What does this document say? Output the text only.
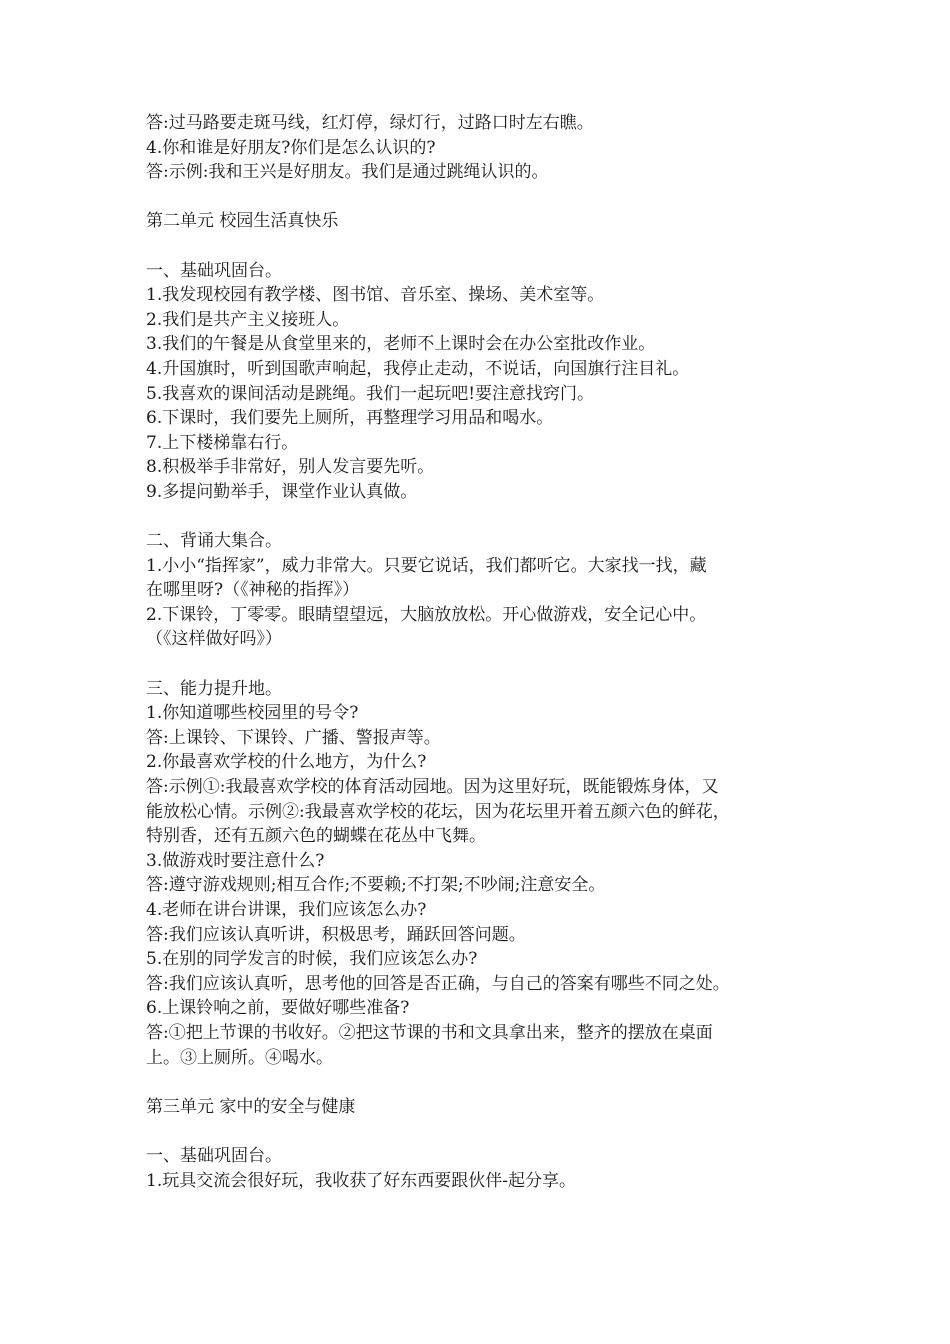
答:过马路要走斑马线，红灯停，绿灯行，过路口时左右瞧。
4.你和谁是好朋友?你们是怎么认识的?
答:示例:我和王兴是好朋友。我们是通过跳绳认识的。
第二单元 校园生活真快乐
一、基础巩固台。
1.我发现校园有教学楼、图书馆、音乐室、操场、美术室等。
2.我们是共产主义接班人。
3.我们的午餐是从食堂里来的，老师不上课时会在办公室批改作业。
4.升国旗时，听到国歌声响起，我停止走动，不说话，向国旗行注目礼。
5.我喜欢的课间活动是跳绳。我们一起玩吧!要注意找窍门。
6.下课时，我们要先上厕所，再整理学习用品和喝水。
7.上下楼梯靠右行。
8.积极举手非常好，别人发言要先听。
9.多提问勤举手，课堂作业认真做。
二、背诵大集合。
1.小小“指挥家”，威力非常大。只要它说话，我们都听它。大家找一找，藏
在哪里呀?（《神秘的指挥》）
2.下课铃，丁零零。眼睛望望远，大脑放放松。开心做游戏，安全记心中。
（《这样做好吗》）
三、能力提升地。
1.你知道哪些校园里的号令?
答:上课铃、下课铃、广播、警报声等。
2.你最喜欢学校的什么地方，为什么?
答:示例①:我最喜欢学校的体育活动园地。因为这里好玩，既能锻炼身体，又
能放松心情。示例②:我最喜欢学校的花坛，因为花坛里开着五颜六色的鲜花，
特别香，还有五颜六色的蝴蝶在花丛中飞舞。
3.做游戏时要注意什么?
答:遵守游戏规则;相互合作;不要赖;不打架;不吵闹;注意安全。
4.老师在讲台讲课，我们应该怎么办?
答:我们应该认真听讲，积极思考，踊跃回答问题。
5.在别的同学发言的时候，我们应该怎么办?
答:我们应该认真听，思考他的回答是否正确，与自己的答案有哪些不同之处。
6.上课铃响之前，要做好哪些准备?
答:①把上节课的书收好。②把这节课的书和文具拿出来，整齐的摆放在桌面
上。③上厕所。④喝水。
第三单元 家中的安全与健康
一、基础巩固台。
1.玩具交流会很好玩，我收获了好东西要跟伙伴-起分享。
